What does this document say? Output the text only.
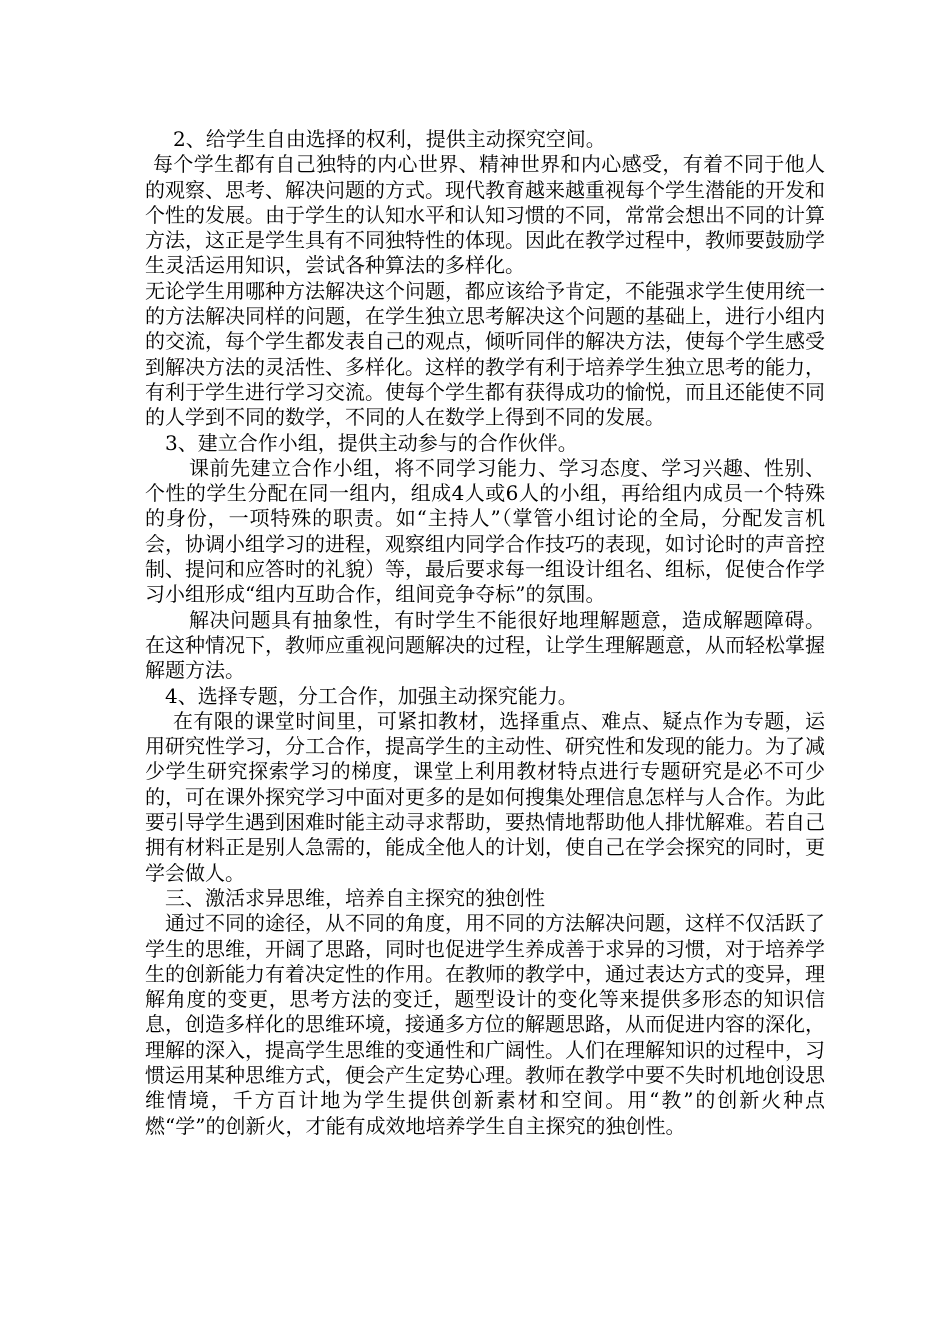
2、给学生自由选择的权利，提供主动探究空间。

每个学生都有自己独特的内心世界、精神世界和内心感受，有着不同于他人的观察、思考、解决问题的方式。现代教育越来越重视每个学生潜能的开发和个性的发展。由于学生的认知水平和认知习惯的不同，常常会想出不同的计算方法，这正是学生具有不同独特性的体现。因此在教学过程中，教师要鼓励学生灵活运用知识，尝试各种算法的多样化。

无论学生用哪种方法解决这个问题，都应该给予肯定，不能强求学生使用统一的方法解决同样的问题，在学生独立思考解决这个问题的基础上，进行小组内的交流，每个学生都发表自己的观点，倾听同伴的解决方法，使每个学生感受到解决方法的灵活性、多样化。这样的教学有利于培养学生独立思考的能力，有利于学生进行学习交流。使每个学生都有获得成功的愉悦，而且还能使不同的人学到不同的数学，不同的人在数学上得到不同的发展。

3、建立合作小组，提供主动参与的合作伙伴。

课前先建立合作小组，将不同学习能力、学习态度、学习兴趣、性别、个性的学生分配在同一组内，组成4人或6人的小组，再给组内成员一个特殊的身份，一项特殊的职责。如“主持人”（掌管小组讨论的全局，分配发言机会，协调小组学习的进程，观察组内同学合作技巧的表现，如讨论时的声音控制、提问和应答时的礼貌）等，最后要求每一组设计组名、组标，促使合作学习小组形成“组内互助合作，组间竞争夺标”的氛围。

解决问题具有抽象性，有时学生不能很好地理解题意，造成解题障碍。在这种情况下，教师应重视问题解决的过程，让学生理解题意，从而轻松掌握解题方法。

4、选择专题，分工合作，加强主动探究能力。

在有限的课堂时间里，可紧扣教材，选择重点、难点、疑点作为专题，运用研究性学习，分工合作，提高学生的主动性、研究性和发现的能力。为了减少学生研究探索学习的梯度，课堂上利用教材特点进行专题研究是必不可少的，可在课外探究学习中面对更多的是如何搜集处理信息怎样与人合作。为此要引导学生遇到困难时能主动寻求帮助，要热情地帮助他人排忧解难。若自己拥有材料正是别人急需的，能成全他人的计划，使自己在学会探究的同时，更学会做人。

三、激活求异思维，培养自主探究的独创性

通过不同的途径，从不同的角度，用不同的方法解决问题，这样不仅活跃了学生的思维，开阔了思路，同时也促进学生养成善于求异的习惯，对于培养学生的创新能力有着决定性的作用。在教师的教学中，通过表达方式的变异，理解角度的变更，思考方法的变迁，题型设计的变化等来提供多形态的知识信息，创造多样化的思维环境，接通多方位的解题思路，从而促进内容的深化，理解的深入，提高学生思维的变通性和广阔性。人们在理解知识的过程中，习惯运用某种思维方式，便会产生定势心理。教师在教学中要不失时机地创设思维情境，千方百计地为学生提供创新素材和空间。用“教”的创新火种点燃“学”的创新火，才能有成效地培养学生自主探究的独创性。
